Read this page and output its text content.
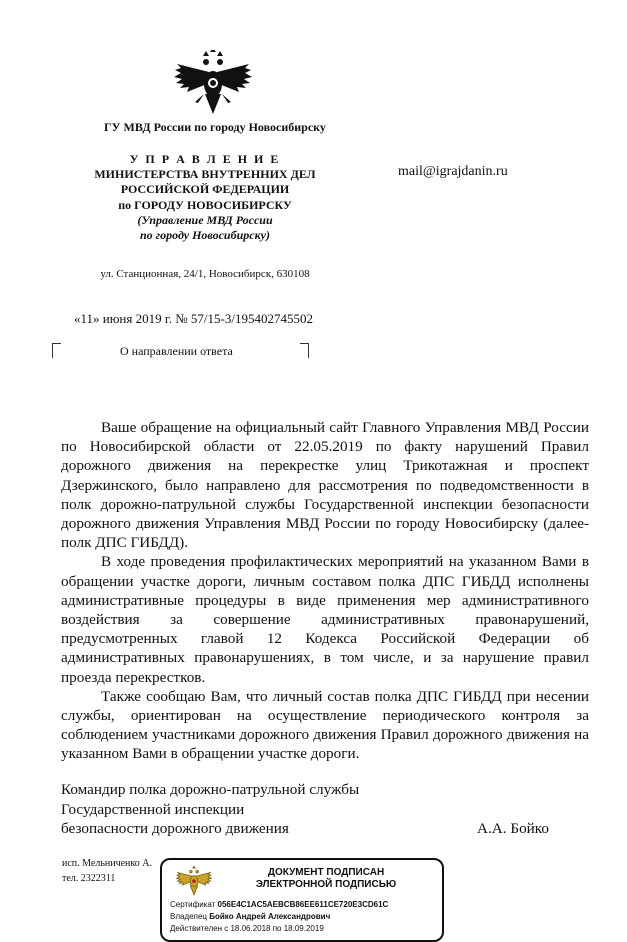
ГУ МВД России по городу Новосибирску
У П Р А В Л Е Н И Е
МИНИСТЕРСТВА ВНУТРЕННИХ ДЕЛ
РОССИЙСКОЙ ФЕДЕРАЦИИ
по ГОРОДУ НОВОСИБИРСКУ
(Управление МВД России
по городу Новосибирску)
ул. Станционная, 24/1, Новосибирск, 630108
mail@igrajdanin.ru
«11» июня 2019 г. № 57/15-3/195402745502
О направлении ответа

Ваше обращение на официальный сайт Главного Управления МВД России по Новосибирской области от 22.05.2019 по факту нарушений Правил дорожного движения на перекрестке улиц Трикотажная и проспект Дзержинского, было направлено для рассмотрения по подведомственности в полк дорожно-патрульной службы Государственной инспекции безопасности дорожного движения Управления МВД России по городу Новосибирску (далее-полк ДПС ГИБДД).

В ходе проведения профилактических мероприятий на указанном Вами в обращении участке дороги, личным составом полка ДПС ГИБДД исполнены административные процедуры в виде применения мер административного воздействия за совершение административных правонарушений, предусмотренных главой 12 Кодекса Российской Федерации об административных правонарушениях, в том числе, и за нарушение правил проезда перекрестков.

Также сообщаю Вам, что личный состав полка ДПС ГИБДД при несении службы, ориентирован на осуществление периодического контроля за соблюдением участниками дорожного движения Правил дорожного движения на указанном Вами в обращении участке дороги.

Командир полка дорожно-патрульной службы
Государственной инспекции
безопасности дорожного движения	А.А. Бойко
исп. Мельниченко А.
тел. 2322311
ДОКУМЕНТ ПОДПИСАН
ЭЛЕКТРОННОЙ ПОДПИСЬЮ
Сертификат 056E4C1AC5AEBCB86EE611CE720E3CD61C
Владелец Бойко Андрей Александрович
Действителен с 18.06.2018 по 18.09.2019
